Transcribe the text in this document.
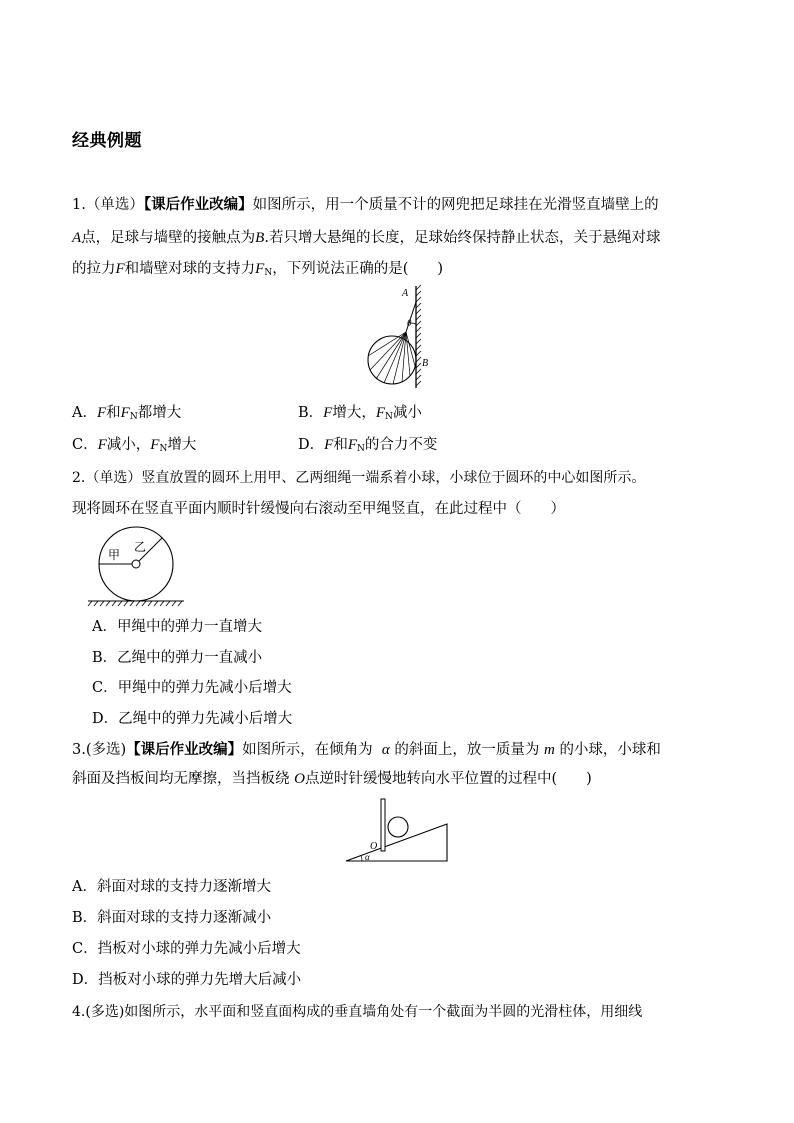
经典例题
1.（单选）【课后作业改编】如图所示，用一个质量不计的网兜把足球挂在光滑竖直墙壁上的
A点，足球与墙壁的接触点为B.若只增大悬绳的长度，足球始终保持静止状态，关于悬绳对球
的拉力F和墙壁对球的支持力$F_N$，下列说法正确的是(　　)
A
θ
B
A．F和$F_N$都增大	B．F增大，$F_N$减小
C．F减小，$F_N$增大	D．F和$F_N$的合力不变
2.（单选）竖直放置的圆环上用甲、乙两细绳一端系着小球，小球位于圆环的中心如图所示。
现将圆环在竖直平面内顺时针缓慢向右滚动至甲绳竖直，在此过程中（　　）
甲
乙
A．甲绳中的弹力一直增大
B．乙绳中的弹力一直减小
C．甲绳中的弹力先减小后增大
D．乙绳中的弹力先减小后增大
3.(多选)【课后作业改编】如图所示，在倾角为 α 的斜面上，放一质量为 m 的小球，小球和
斜面及挡板间均无摩擦，当挡板绕 O点逆时针缓慢地转向水平位置的过程中(　　)
O
α
A．斜面对球的支持力逐渐增大
B．斜面对球的支持力逐渐减小
C．挡板对小球的弹力先减小后增大
D．挡板对小球的弹力先增大后减小
4.(多选)如图所示，水平面和竖直面构成的垂直墙角处有一个截面为半圆的光滑柱体，用细线
